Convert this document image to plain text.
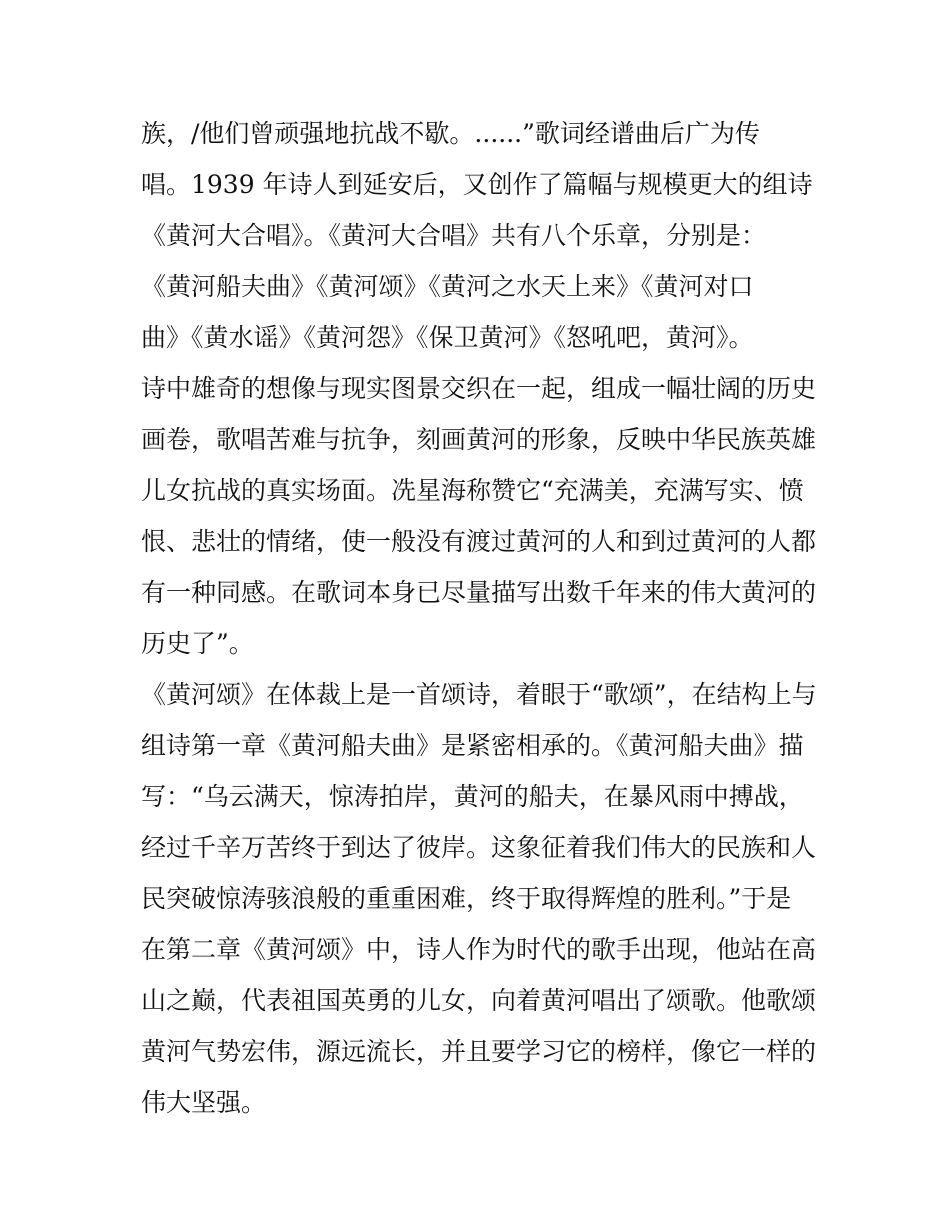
族，/他们曾顽强地抗战不歇。......”歌词经谱曲后广为传
唱。1939 年诗人到延安后，又创作了篇幅与规模更大的组诗
《黄河大合唱》。《黄河大合唱》共有八个乐章，分别是：
《黄河船夫曲》《黄河颂》《黄河之水天上来》《黄河对口
曲》《黄水谣》《黄河怨》《保卫黄河》《怒吼吧，黄河》。
诗中雄奇的想像与现实图景交织在一起，组成一幅壮阔的历史
画卷，歌唱苦难与抗争，刻画黄河的形象，反映中华民族英雄
儿女抗战的真实场面。冼星海称赞它“充满美，充满写实、愤
恨、悲壮的情绪，使一般没有渡过黄河的人和到过黄河的人都
有一种同感。在歌词本身已尽量描写出数千年来的伟大黄河的
历史了”。
《黄河颂》在体裁上是一首颂诗，着眼于“歌颂”，在结构上与
组诗第一章《黄河船夫曲》是紧密相承的。《黄河船夫曲》描
写：“乌云满天，惊涛拍岸，黄河的船夫，在暴风雨中搏战，
经过千辛万苦终于到达了彼岸。这象征着我们伟大的民族和人
民突破惊涛骇浪般的重重困难，终于取得辉煌的胜利。”于是
在第二章《黄河颂》中，诗人作为时代的歌手出现，他站在高
山之巅，代表祖国英勇的儿女，向着黄河唱出了颂歌。他歌颂
黄河气势宏伟，源远流长，并且要学习它的榜样，像它一样的
伟大坚强。
